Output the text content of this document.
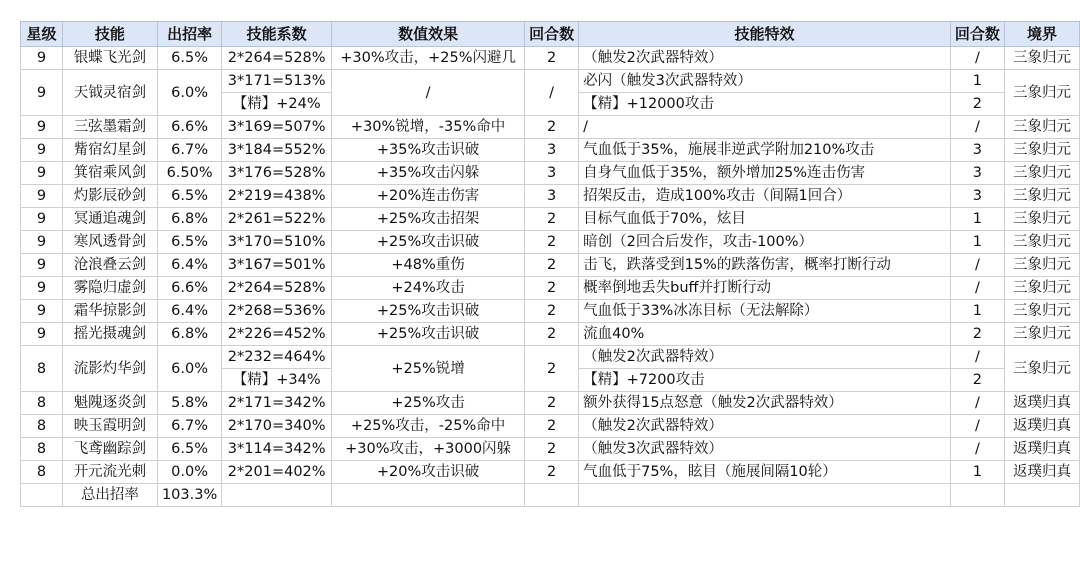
星级	技能	出招率	技能系数	数值效果	回合数	技能特效	回合数	境界
9	银蝶飞光剑	6.5%	2*264=528%	+30%攻击，+25%闪避几	2	（触发2次武器特效）	/	三象归元
9	天钺灵宿剑	6.0%	3*171=513%	/	/	必闪（触发3次武器特效）	1	三象归元
			【精】+24%			【精】+12000攻击	2	
9	三弦墨霜剑	6.6%	3*169=507%	+30%锐增，-35%命中	2	/	/	三象归元
9	觜宿幻星剑	6.7%	3*184=552%	+35%攻击识破	3	气血低于35%，施展非逆武学附加210%攻击	3	三象归元
9	箕宿乘风剑	6.50%	3*176=528%	+35%攻击闪躲	3	自身气血低于35%，额外增加25%连击伤害	3	三象归元
9	灼影辰砂剑	6.5%	2*219=438%	+20%连击伤害	3	招架反击，造成100%攻击（间隔1回合）	3	三象归元
9	冥通追魂剑	6.8%	2*261=522%	+25%攻击招架	2	目标气血低于70%，炫目	1	三象归元
9	寒风透骨剑	6.5%	3*170=510%	+25%攻击识破	2	暗创（2回合后发作，攻击-100%）	1	三象归元
9	沧浪叠云剑	6.4%	3*167=501%	+48%重伤	2	击飞，跌落受到15%的跌落伤害，概率打断行动	/	三象归元
9	雾隐归虚剑	6.6%	2*264=528%	+24%攻击	2	概率倒地丢失buff并打断行动	/	三象归元
9	霜华掠影剑	6.4%	2*268=536%	+25%攻击识破	2	气血低于33%冰冻目标（无法解除）	1	三象归元
9	摇光摄魂剑	6.8%	2*226=452%	+25%攻击识破	2	流血40%	2	三象归元
8	流影灼华剑	6.0%	2*232=464%	+25%锐增	2	（触发2次武器特效）	/	三象归元
			【精】+34%			【精】+7200攻击	2	
8	魁隗逐炎剑	5.8%	2*171=342%	+25%攻击	2	额外获得15点怒意（触发2次武器特效）	/	返璞归真
8	映玉霞明剑	6.7%	2*170=340%	+25%攻击，-25%命中	2	（触发2次武器特效）	/	返璞归真
8	飞鸢幽踪剑	6.5%	3*114=342%	+30%攻击，+3000闪躲	2	（触发3次武器特效）	/	返璞归真
8	开元流光刺	0.0%	2*201=402%	+20%攻击识破	2	气血低于75%，眩目（施展间隔10轮）	1	返璞归真
	总出招率	103.3%						
